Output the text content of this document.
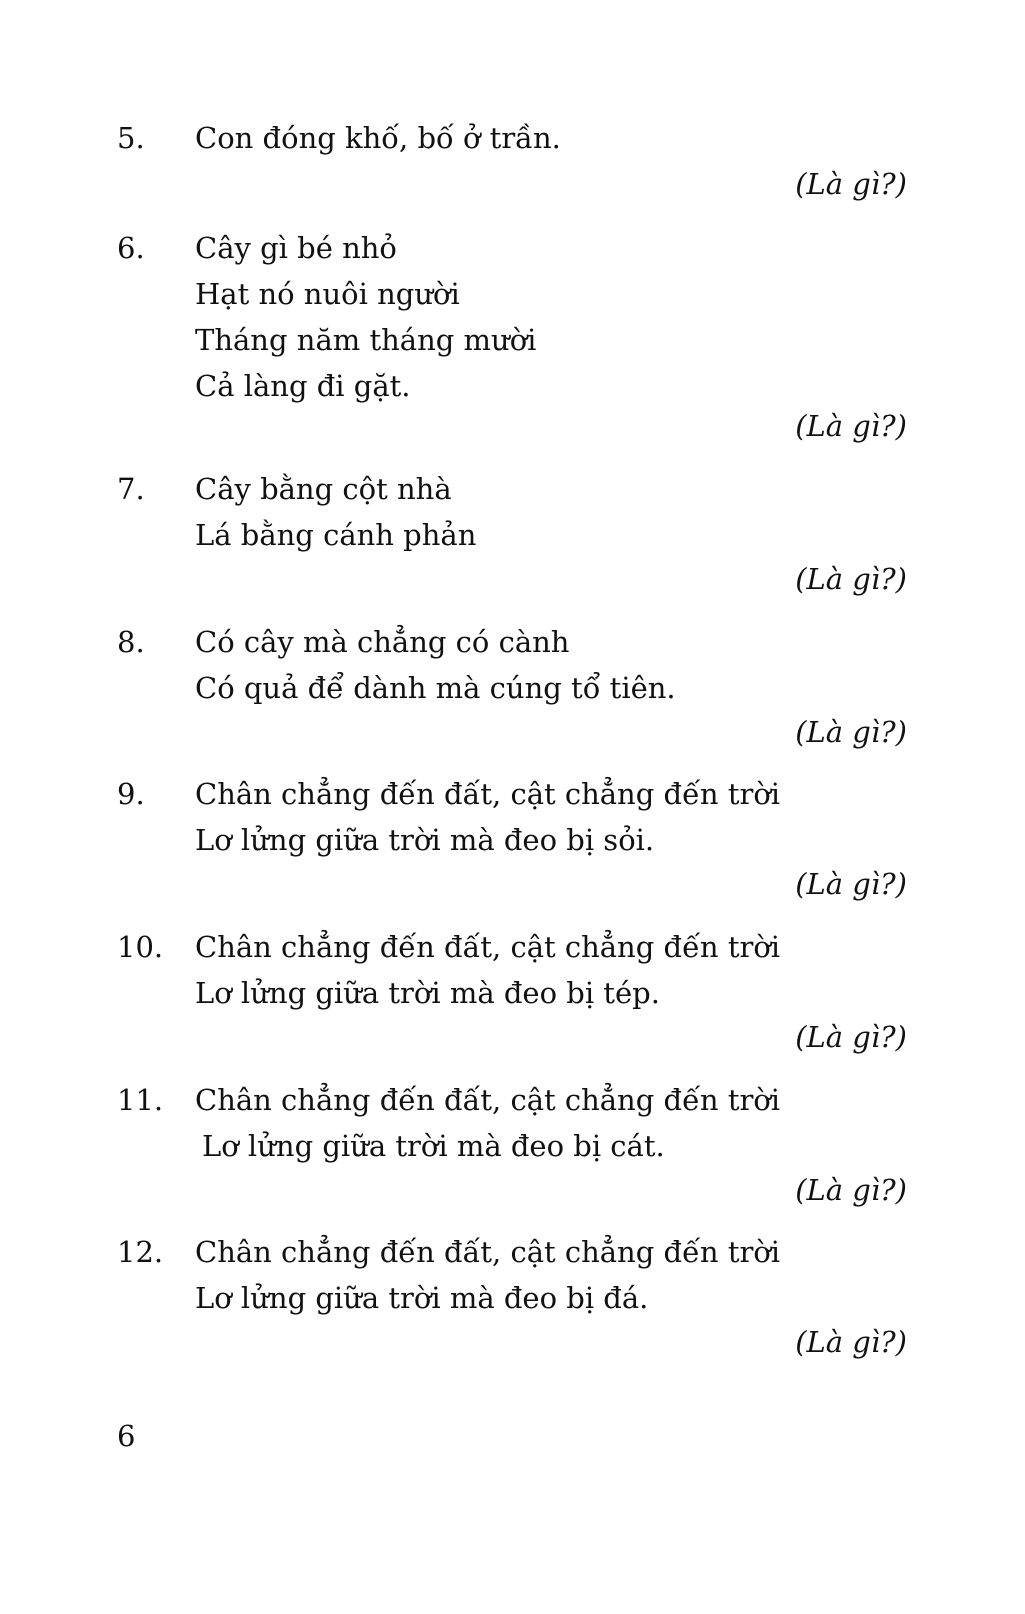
5. Con đóng khố, bố ở trần.
(Là gì?)
6. Cây gì bé nhỏ
Hạt nó nuôi người
Tháng năm tháng mười
Cả làng đi gặt.
(Là gì?)
7. Cây bằng cột nhà
Lá bằng cánh phản
(Là gì?)
8. Có cây mà chẳng có cành
Có quả để dành mà cúng tổ tiên.
(Là gì?)
9. Chân chẳng đến đất, cật chẳng đến trời
Lơ lửng giữa trời mà đeo bị sỏi.
(Là gì?)
10. Chân chẳng đến đất, cật chẳng đến trời
Lơ lửng giữa trời mà đeo bị tép.
(Là gì?)
11. Chân chẳng đến đất, cật chẳng đến trời
Lơ lửng giữa trời mà đeo bị cát.
(Là gì?)
12. Chân chẳng đến đất, cật chẳng đến trời
Lơ lửng giữa trời mà đeo bị đá.
(Là gì?)
6
